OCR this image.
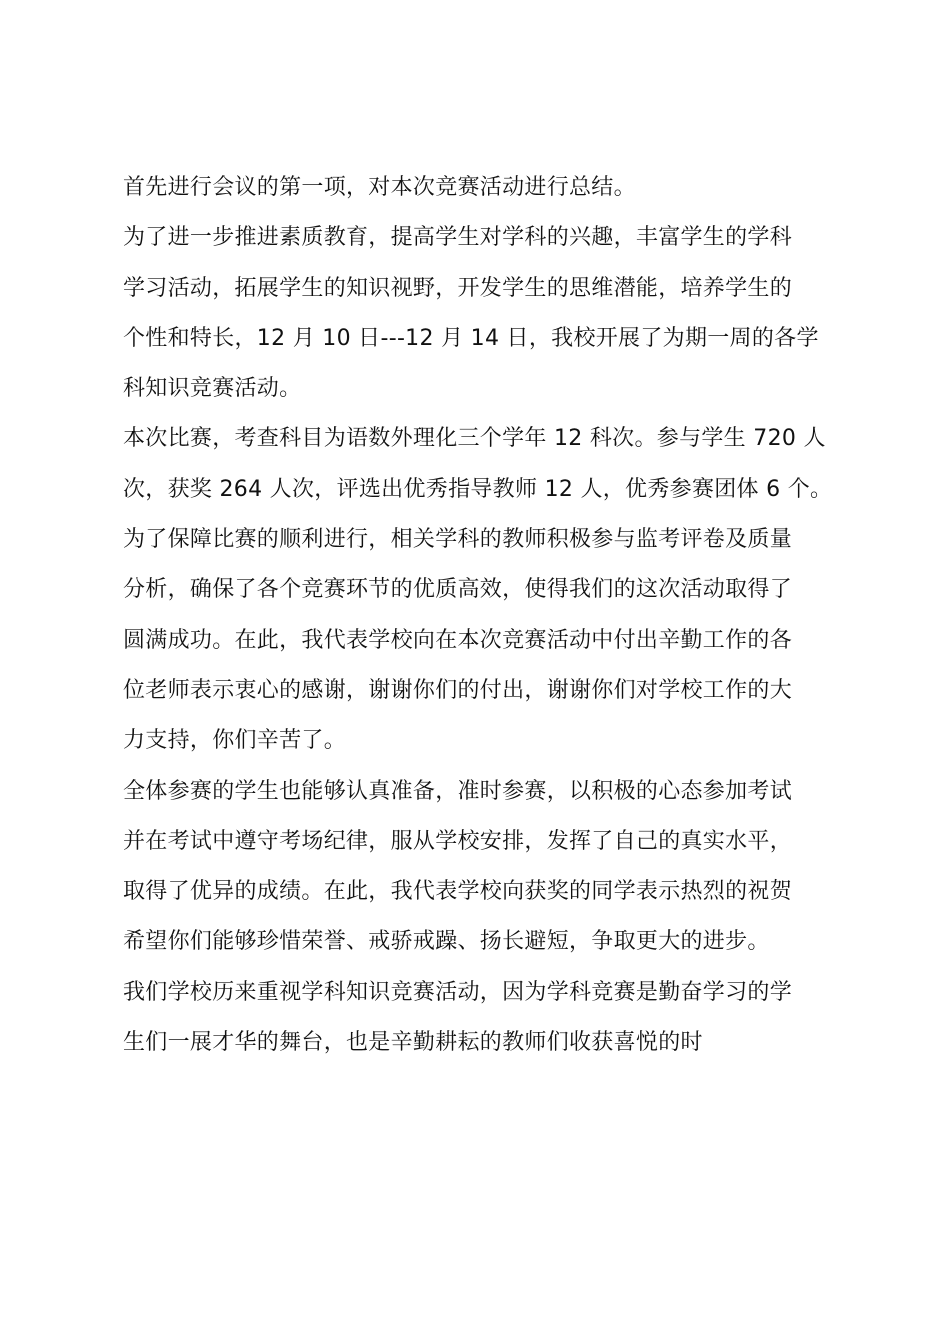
首先进行会议的第一项，对本次竞赛活动进行总结。
为了进一步推进素质教育，提高学生对学科的兴趣，丰富学生的学科
学习活动，拓展学生的知识视野，开发学生的思维潜能，培养学生的
个性和特长，12 月 10 日---12 月 14 日，我校开展了为期一周的各学
科知识竞赛活动。
本次比赛，考查科目为语数外理化三个学年 12 科次。参与学生 720 人
次，获奖 264 人次，评选出优秀指导教师 12 人，优秀参赛团体 6 个。
为了保障比赛的顺利进行，相关学科的教师积极参与监考评卷及质量
分析，确保了各个竞赛环节的优质高效，使得我们的这次活动取得了
圆满成功。在此，我代表学校向在本次竞赛活动中付出辛勤工作的各
位老师表示衷心的感谢，谢谢你们的付出，谢谢你们对学校工作的大
力支持，你们辛苦了。
全体参赛的学生也能够认真准备，准时参赛，以积极的心态参加考试
并在考试中遵守考场纪律，服从学校安排，发挥了自己的真实水平，
取得了优异的成绩。在此，我代表学校向获奖的同学表示热烈的祝贺
希望你们能够珍惜荣誉、戒骄戒躁、扬长避短，争取更大的进步。
我们学校历来重视学科知识竞赛活动，因为学科竞赛是勤奋学习的学
生们一展才华的舞台，也是辛勤耕耘的教师们收获喜悦的时
